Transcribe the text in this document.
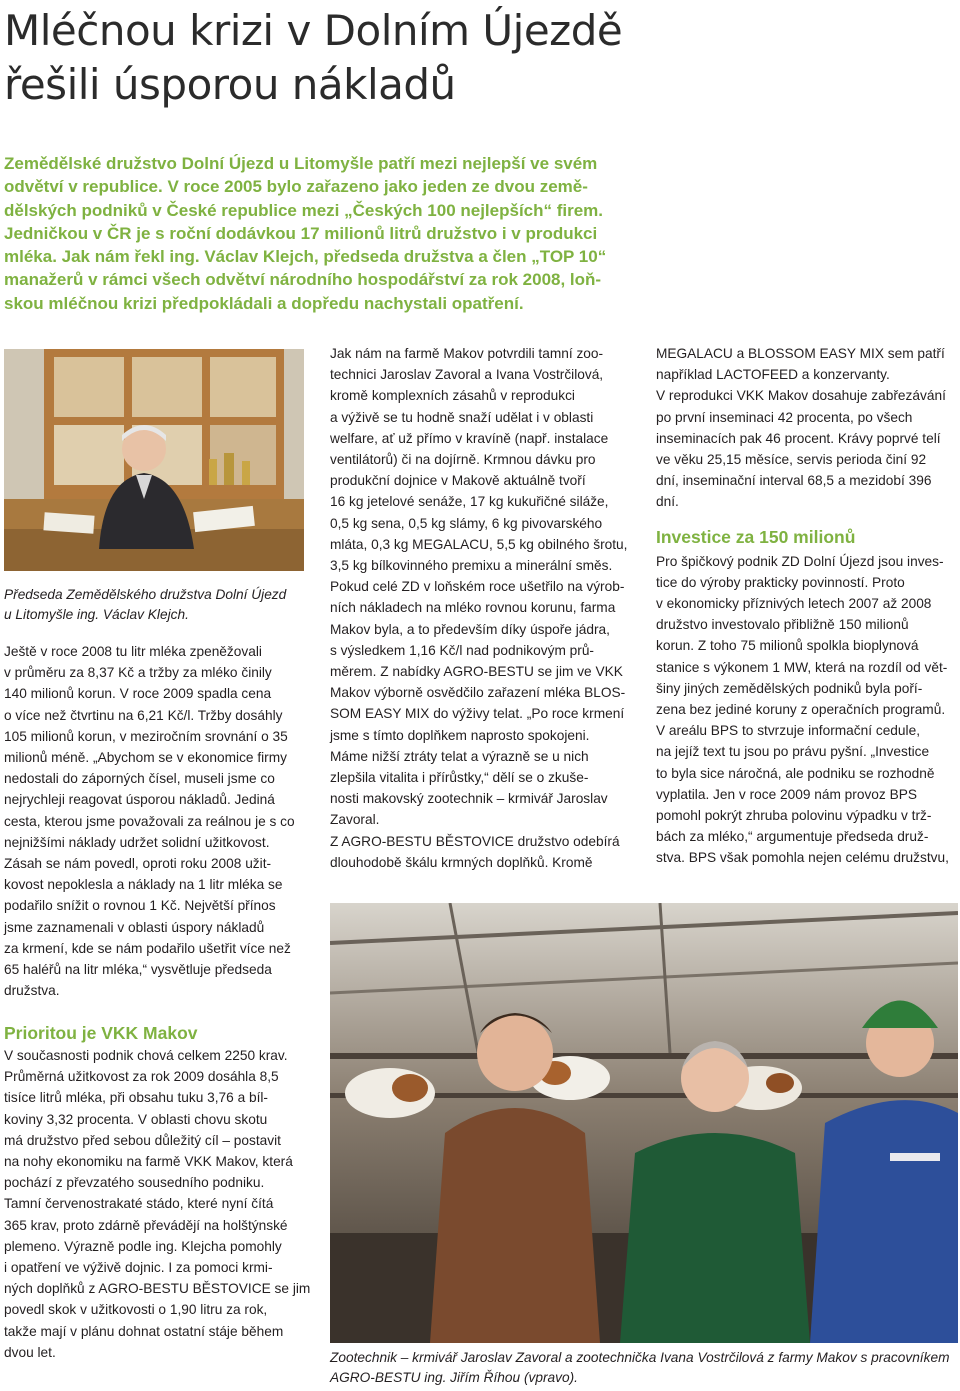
Mléčnou krizi v Dolním Újezdě
řešili úsporou nákladů
Zemědělské družstvo Dolní Újezd u Litomyšle patří mezi nejlepší ve svém
odvětví v republice. V roce 2005 bylo zařazeno jako jeden ze dvou země-
dělských podniků v České republice mezi „Českých 100 nejlepších“ firem.
Jedničkou v ČR je s roční dodávkou 17 milionů litrů družstvo i v produkci
mléka. Jak nám řekl ing. Václav Klejch, předseda družstva a člen „TOP 10“
manažerů v rámci všech odvětví národního hospodářství za rok 2008, loň-
skou mléčnou krizi předpokládali a dopředu nachystali opatření.
Předseda Zemědělského družstva Dolní Újezd
u Litomyšle ing. Václav Klejch.
Ještě v roce 2008 tu litr mléka zpeněžovali
v průměru za 8,37 Kč a tržby za mléko činily
140 milionů korun. V roce 2009 spadla cena
o více než čtvrtinu na 6,21 Kč/l. Tržby dosáhly
105 milionů korun, v meziročním srovnání o 35
milionů méně. „Abychom se v ekonomice firmy
nedostali do záporných čísel, museli jsme co
nejrychleji reagovat úsporou nákladů. Jediná
cesta, kterou jsme považovali za reálnou je s co
nejnižšími náklady udržet solidní užitkovost.
Zásah se nám povedl, oproti roku 2008 užit-
kovost nepoklesla a náklady na 1 litr mléka se
podařilo snížit o rovnou 1 Kč. Největší přínos
jsme zaznamenali v oblasti úspory nákladů
za krmení, kde se nám podařilo ušetřit více než
65 haléřů na litr mléka,“ vysvětluje předseda
družstva.
Prioritou je VKK Makov
V současnosti podnik chová celkem 2250 krav.
Průměrná užitkovost za rok 2009 dosáhla 8,5
tisíce litrů mléka, při obsahu tuku 3,76 a bíl-
koviny 3,32 procenta. V oblasti chovu skotu
má družstvo před sebou důležitý cíl – postavit
na nohy ekonomiku na farmě VKK Makov, která
pochází z převzatého sousedního podniku.
Tamní červenostrakaté stádo, které nyní čítá
365 krav, proto zdárně převádějí na holštýnské
plemeno. Výrazně podle ing. Klejcha pomohly
i opatření ve výživě dojnic. I za pomoci krmi-
ných doplňků z AGRO-BESTU BĚSTOVICE se jim
povedl skok v užitkovosti o 1,90 litru za rok,
takže mají v plánu dohnat ostatní stáje během
dvou let.
Jak nám na farmě Makov potvrdili tamní zoo-
technici Jaroslav Zavoral a Ivana Vostrčilová,
kromě komplexních zásahů v reprodukci
a výživě se tu hodně snaží udělat i v oblasti
welfare, ať už přímo v kravíně (např. instalace
ventilátorů) či na dojírně. Krmnou dávku pro
produkční dojnice v Makově aktuálně tvoří
16 kg jetelové senáže, 17 kg kukuřičné siláže,
0,5 kg sena, 0,5 kg slámy, 6 kg pivovarského
mláta, 0,3 kg MEGALACU, 5,5 kg obilného šrotu,
3,5 kg bílkovinného premixu a minerální směs.
Pokud celé ZD v loňském roce ušetřilo na výrob-
ních nákladech na mléko rovnou korunu, farma
Makov byla, a to především díky úspoře jádra,
s výsledkem 1,16 Kč/l nad podnikovým prů-
měrem. Z nabídky AGRO-BESTU se jim ve VKK
Makov výborně osvědčilo zařazení mléka BLOS-
SOM EASY MIX do výživy telat. „Po roce krmení
jsme s tímto doplňkem naprosto spokojeni.
Máme nižší ztráty telat a výrazně se u nich
zlepšila vitalita i přírůstky,“ dělí se o zkuše-
nosti makovský zootechnik – krmivář Jaroslav
Zavoral.
Z AGRO-BESTU BĚSTOVICE družstvo odebírá
dlouhodobě škálu krmných doplňků. Kromě
MEGALACU a BLOSSOM EASY MIX sem patří
například LACTOFEED a konzervanty.
V reprodukci VKK Makov dosahuje zabřezávání
po první inseminaci 42 procenta, po všech
inseminacích pak 46 procent. Krávy poprvé telí
ve věku 25,15 měsíce, servis perioda činí 92
dní, inseminační interval 68,5 a mezidobí 396
dní.
Investice za 150 milionů
Pro špičkový podnik ZD Dolní Újezd jsou inves-
tice do výroby prakticky povinností. Proto
v ekonomicky příznivých letech 2007 až 2008
družstvo investovalo přibližně 150 milionů
korun. Z toho 75 milionů spolkla bioplynová
stanice s výkonem 1 MW, která na rozdíl od vět-
šiny jiných zemědělských podniků byla poří-
zena bez jediné koruny z operačních programů.
V areálu BPS to stvrzuje informační cedule,
na jejíž text tu jsou po právu pyšní. „Investice
to byla sice náročná, ale podniku se rozhodně
vyplatila. Jen v roce 2009 nám provoz BPS
pomohl pokrýt zhruba polovinu výpadku v trž-
bách za mléko,“ argumentuje předseda druž-
stva. BPS však pomohla nejen celému družstvu,
Zootechnik – krmivář Jaroslav Zavoral a zootechnička Ivana Vostrčilová z farmy Makov s pracovníkem
AGRO-BESTU ing. Jiřím Říhou (vpravo).
